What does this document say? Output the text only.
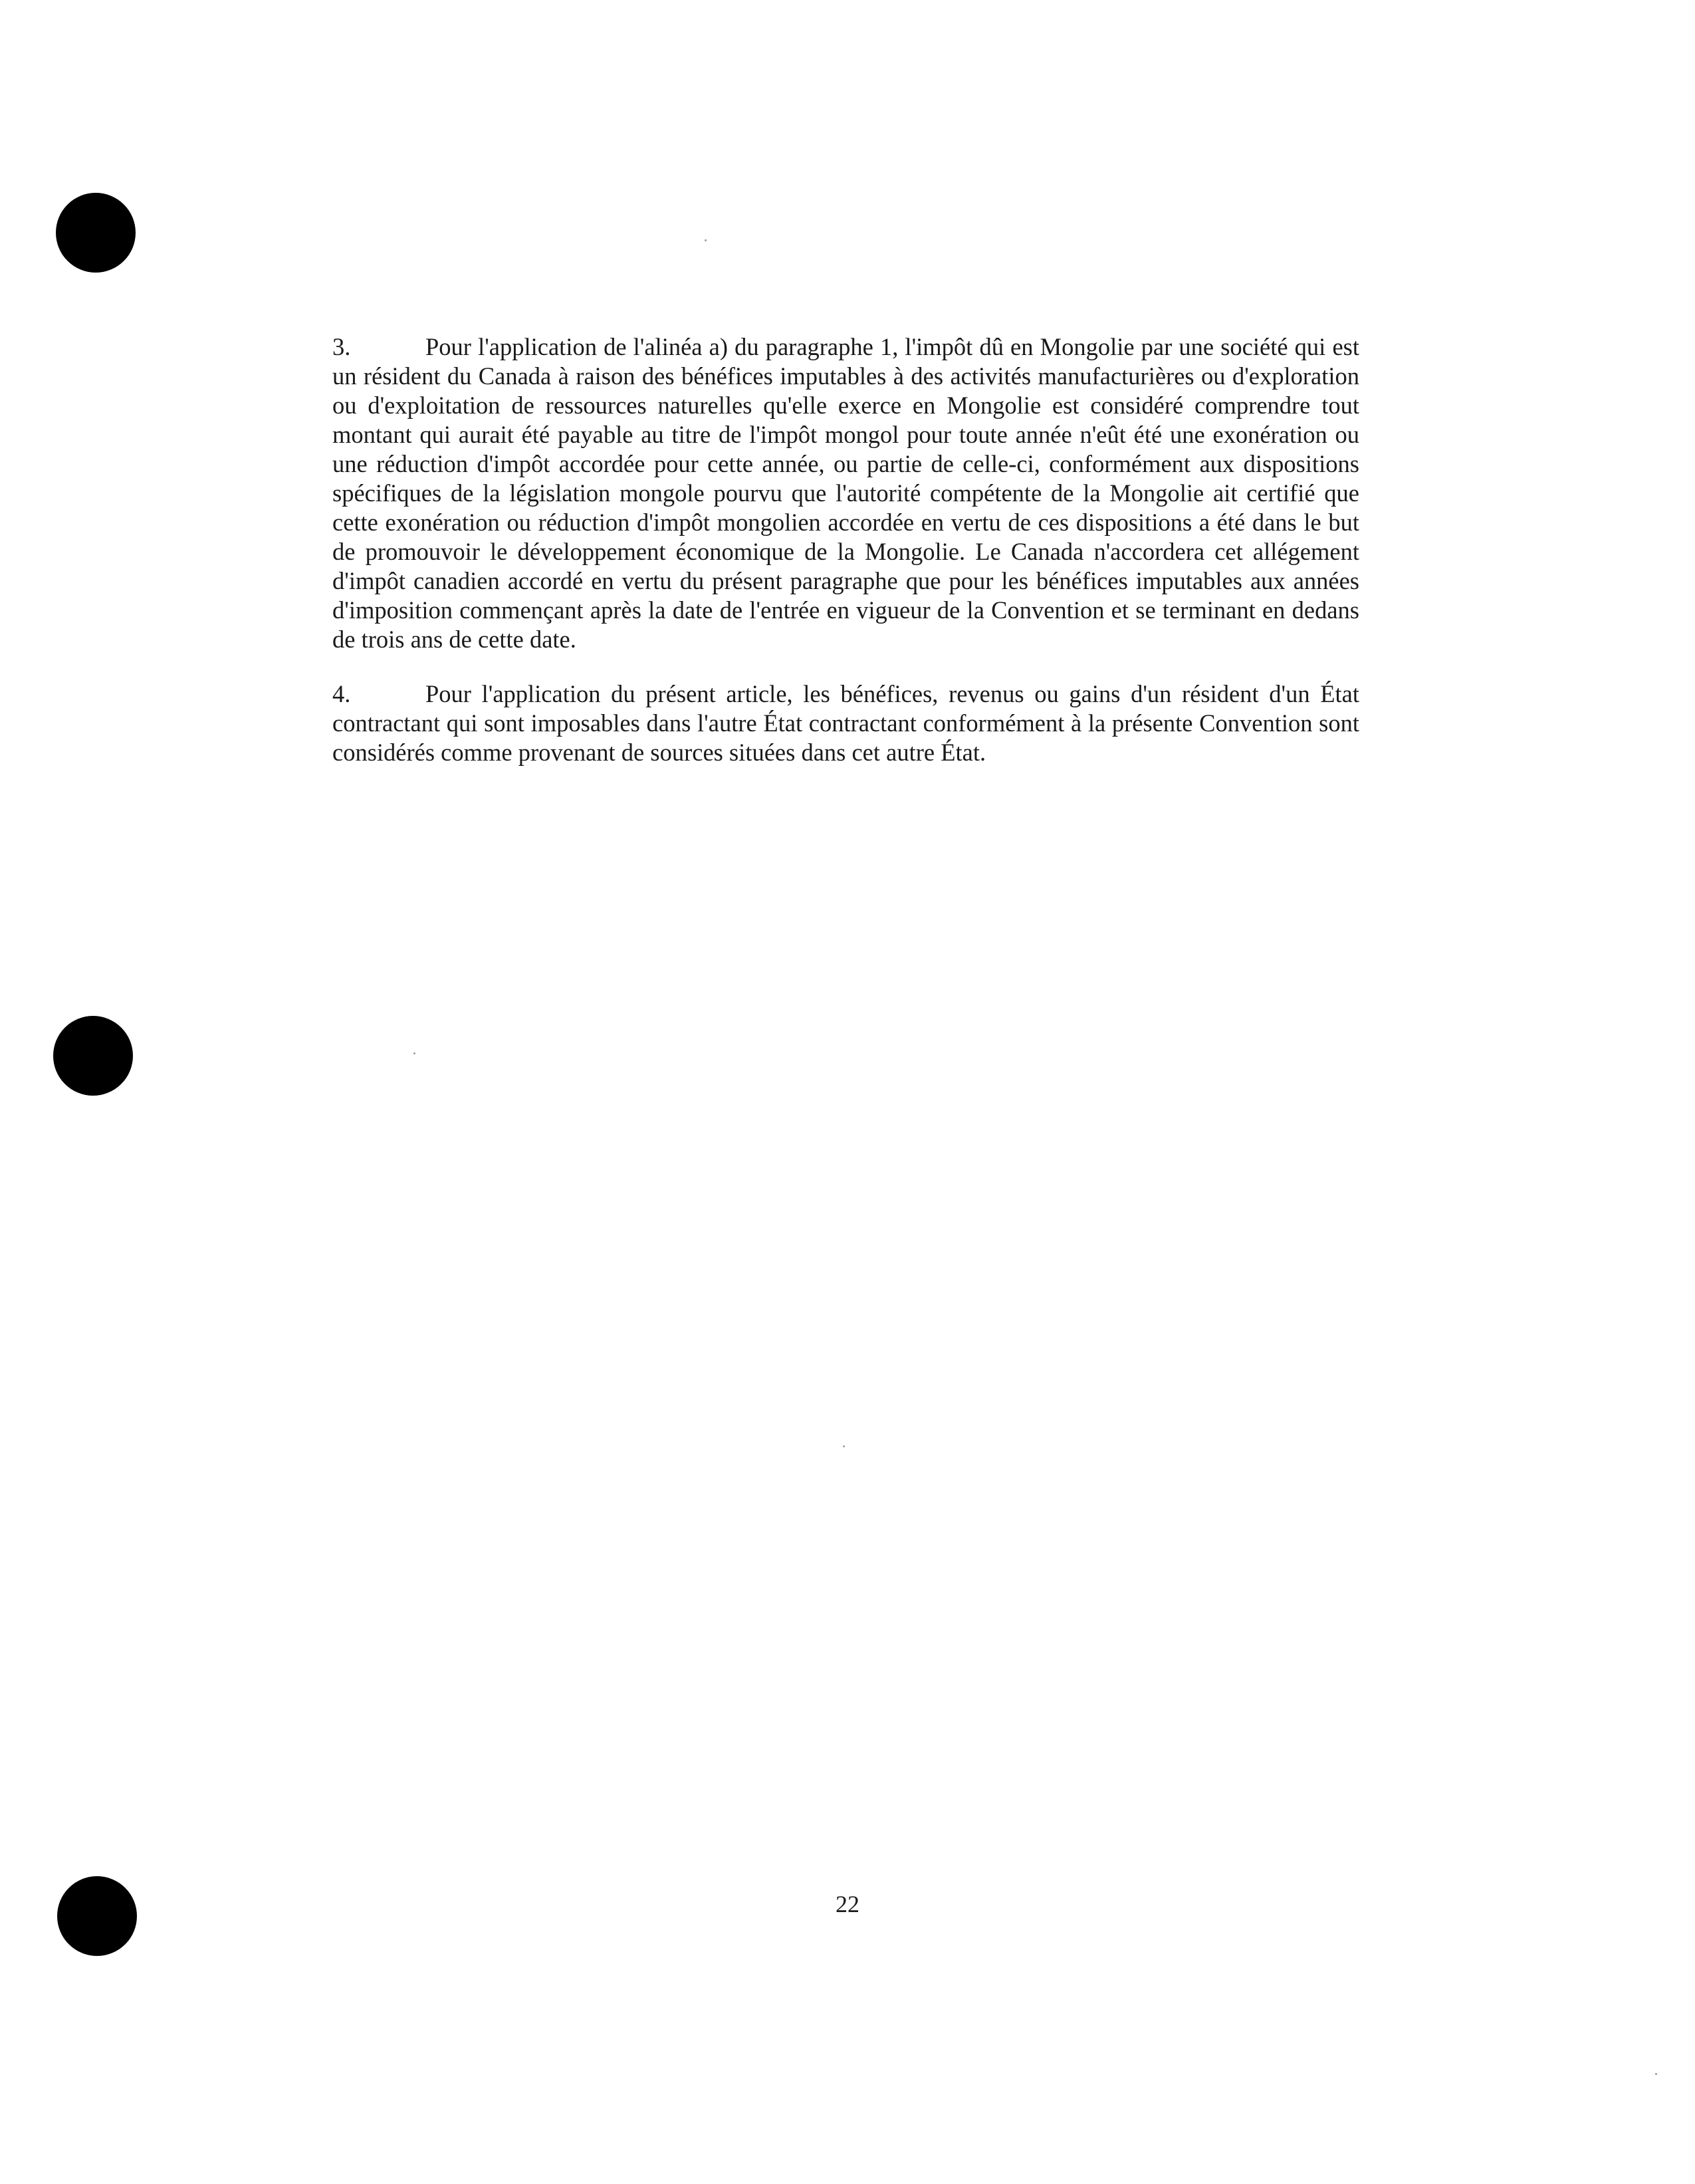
3.	Pour l'application de l'alinéa a) du paragraphe 1, l'impôt dû en Mongolie par une société qui est un résident du Canada à raison des bénéfices imputables à des activités manufacturières ou d'exploration ou d'exploitation de ressources naturelles qu'elle exerce en Mongolie est considéré comprendre tout montant qui aurait été payable au titre de l'impôt mongol pour toute année n'eût été une exonération ou une réduction d'impôt accordée pour cette année, ou partie de celle-ci, conformément aux dispositions spécifiques de la législation mongole pourvu que l'autorité compétente de la Mongolie ait certifié que cette exonération ou réduction d'impôt mongolien accordée en vertu de ces dispositions a été dans le but de promouvoir le développement économique de la Mongolie. Le Canada n'accordera cet allégement d'impôt canadien accordé en vertu du présent paragraphe que pour les bénéfices imputables aux années d'imposition commençant après la date de l'entrée en vigueur de la Convention et se terminant en dedans de trois ans de cette date.

4.	Pour l'application du présent article, les bénéfices, revenus ou gains d'un résident d'un État contractant qui sont imposables dans l'autre État contractant conformément à la présente Convention sont considérés comme provenant de sources situées dans cet autre État.

22
